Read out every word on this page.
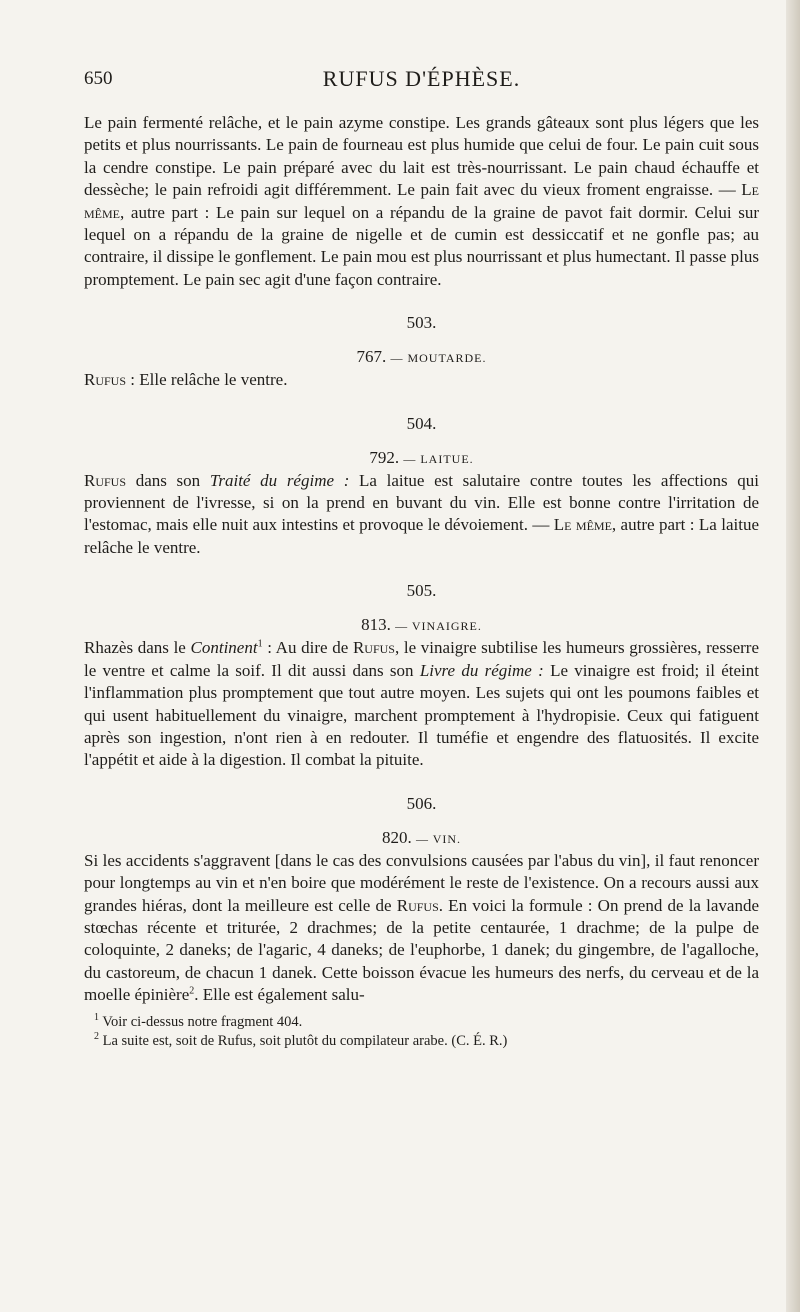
650	RUFUS D'ÉPHÈSE.

Le pain fermenté relâche, et le pain azyme constipe. Les grands gâteaux sont plus légers que les petits et plus nourrissants. Le pain de fourneau est plus humide que celui de four. Le pain cuit sous la cendre constipe. Le pain préparé avec du lait est très-nourrissant. Le pain chaud échauffe et dessèche; le pain refroidi agit différemment. Le pain fait avec du vieux froment engraisse. — Le même, autre part : Le pain sur lequel on a répandu de la graine de pavot fait dormir. Celui sur lequel on a répandu de la graine de nigelle et de cumin est dessiccatif et ne gonfle pas; au contraire, il dissipe le gonflement. Le pain mou est plus nourrissant et plus humectant. Il passe plus promptement. Le pain sec agit d'une façon contraire.

503.
767. — MOUTARDE.

Rufus : Elle relâche le ventre.

504.
792. — LAITUE.

Rufus dans son Traité du régime : La laitue est salutaire contre toutes les affections qui proviennent de l'ivresse, si on la prend en buvant du vin. Elle est bonne contre l'irritation de l'estomac, mais elle nuit aux intestins et provoque le dévoiement. — Le même, autre part : La laitue relâche le ventre.

505.
813. — VINAIGRE.

Rhazès dans le Continent$^1$ : Au dire de Rufus, le vinaigre subtilise les humeurs grossières, resserre le ventre et calme la soif. Il dit aussi dans son Livre du régime : Le vinaigre est froid; il éteint l'inflammation plus promptement que tout autre moyen. Les sujets qui ont les poumons faibles et qui usent habituellement du vinaigre, marchent promptement à l'hydropisie. Ceux qui fatiguent après son ingestion, n'ont rien à en redouter. Il tuméfie et engendre des flatuosités. Il excite l'appétit et aide à la digestion. Il combat la pituite.

506.
820. — VIN.

Si les accidents s'aggravent [dans le cas des convulsions causées par l'abus du vin], il faut renoncer pour longtemps au vin et n'en boire que modérément le reste de l'existence. On a recours aussi aux grandes hiéras, dont la meilleure est celle de Rufus. En voici la formule : On prend de la lavande stœchas récente et triturée, 2 drachmes; de la petite centaurée, 1 drachme; de la pulpe de coloquinte, 2 daneks; de l'agaric, 4 daneks; de l'euphorbe, 1 danek; du gingembre, de l'agalloche, du castoreum, de chacun 1 danek. Cette boisson évacue les humeurs des nerfs, du cerveau et de la moelle épinière$^2$. Elle est également salu-

$^1$ Voir ci-dessus notre fragment 404.
$^2$ La suite est, soit de Rufus, soit plutôt du compilateur arabe. (C. É. R.)
